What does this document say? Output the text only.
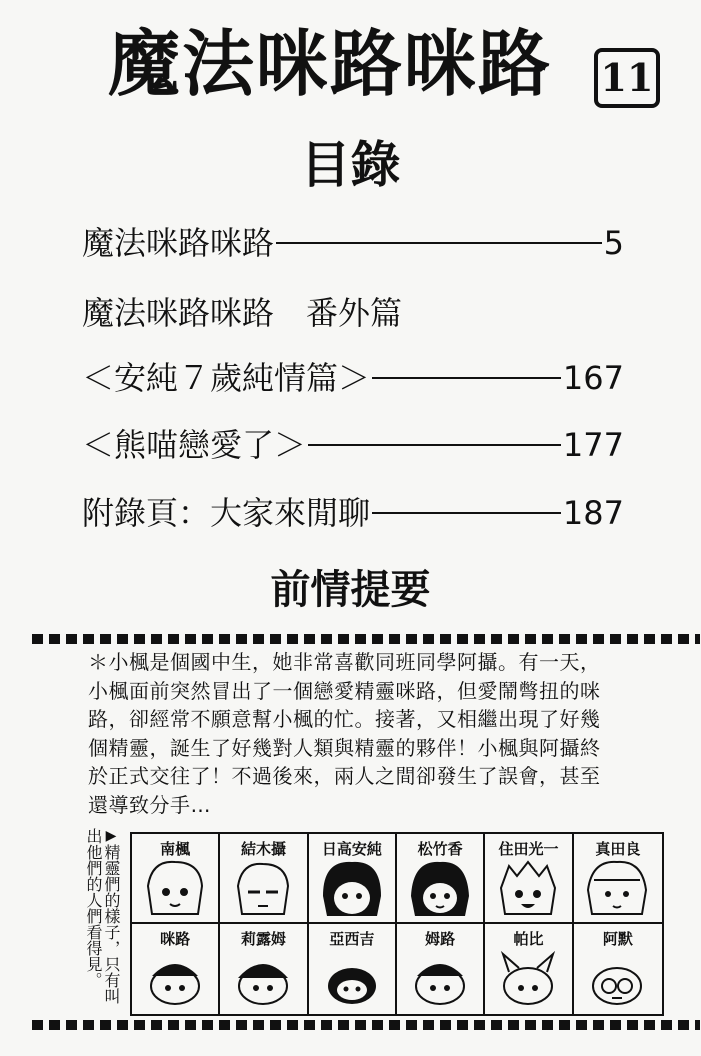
魔法咪路咪路 11
目錄
魔法咪路咪路	5
魔法咪路咪路　番外篇
＜安純７歲純情篇＞	167
＜熊喵戀愛了＞	177
附錄頁：大家來閒聊	187
前情提要
＊小楓是個國中生，她非常喜歡同班同學阿攝。有一天，
小楓面前突然冒出了一個戀愛精靈咪路，但愛鬧彆扭的咪
路，卻經常不願意幫小楓的忙。接著，又相繼出現了好幾
個精靈，誕生了好幾對人類與精靈的夥伴！小楓與阿攝終
於正式交往了！不過後來，兩人之間卻發生了誤會，甚至
還導致分手…
▶精靈們的樣子，只有叫出他們的人們看得見。	南楓	結木攝	日高安純	松竹香	住田光一	真田良
咪路	莉露姆	亞西吉	姆路	帕比	阿默
